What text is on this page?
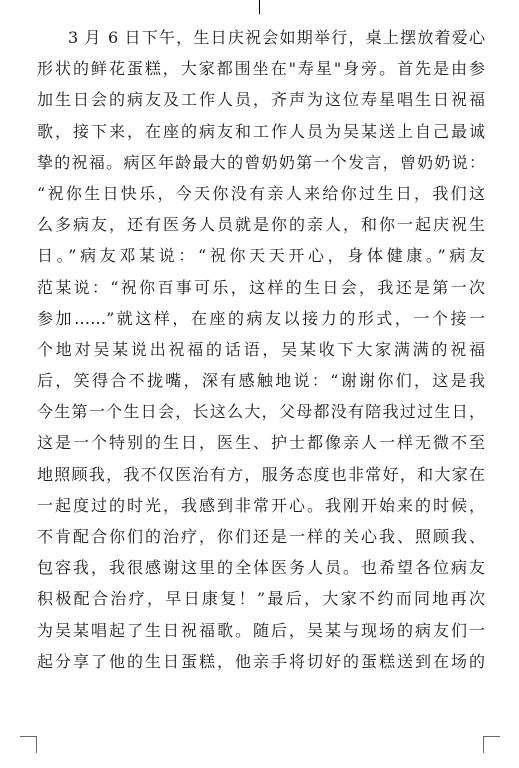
3 月 6 日下午，生日庆祝会如期举行，桌上摆放着爱心
形状的鲜花蛋糕，大家都围坐在"寿星"身旁。首先是由参
加生日会的病友及工作人员，齐声为这位寿星唱生日祝福
歌，接下来，在座的病友和工作人员为吴某送上自己最诚
挚的祝福。病区年龄最大的曾奶奶第一个发言，曾奶奶说：
“祝你生日快乐，今天你没有亲人来给你过生日，我们这
么多病友，还有医务人员就是你的亲人，和你一起庆祝生
日。”病友邓某说：“祝你天天开心，身体健康。”病友
范某说：“祝你百事可乐，这样的生日会，我还是第一次
参加……”就这样，在座的病友以接力的形式，一个接一
个地对吴某说出祝福的话语，吴某收下大家满满的祝福
后，笑得合不拢嘴，深有感触地说：“谢谢你们，这是我
今生第一个生日会，长这么大，父母都没有陪我过过生日，
这是一个特别的生日，医生、护士都像亲人一样无微不至
地照顾我，我不仅医治有方，服务态度也非常好，和大家在
一起度过的时光，我感到非常开心。我刚开始来的时候，
不肯配合你们的治疗，你们还是一样的关心我、照顾我、
包容我，我很感谢这里的全体医务人员。也希望各位病友
积极配合治疗，早日康复！”最后，大家不约而同地再次
为吴某唱起了生日祝福歌。随后，吴某与现场的病友们一
起分享了他的生日蛋糕，他亲手将切好的蛋糕送到在场的
